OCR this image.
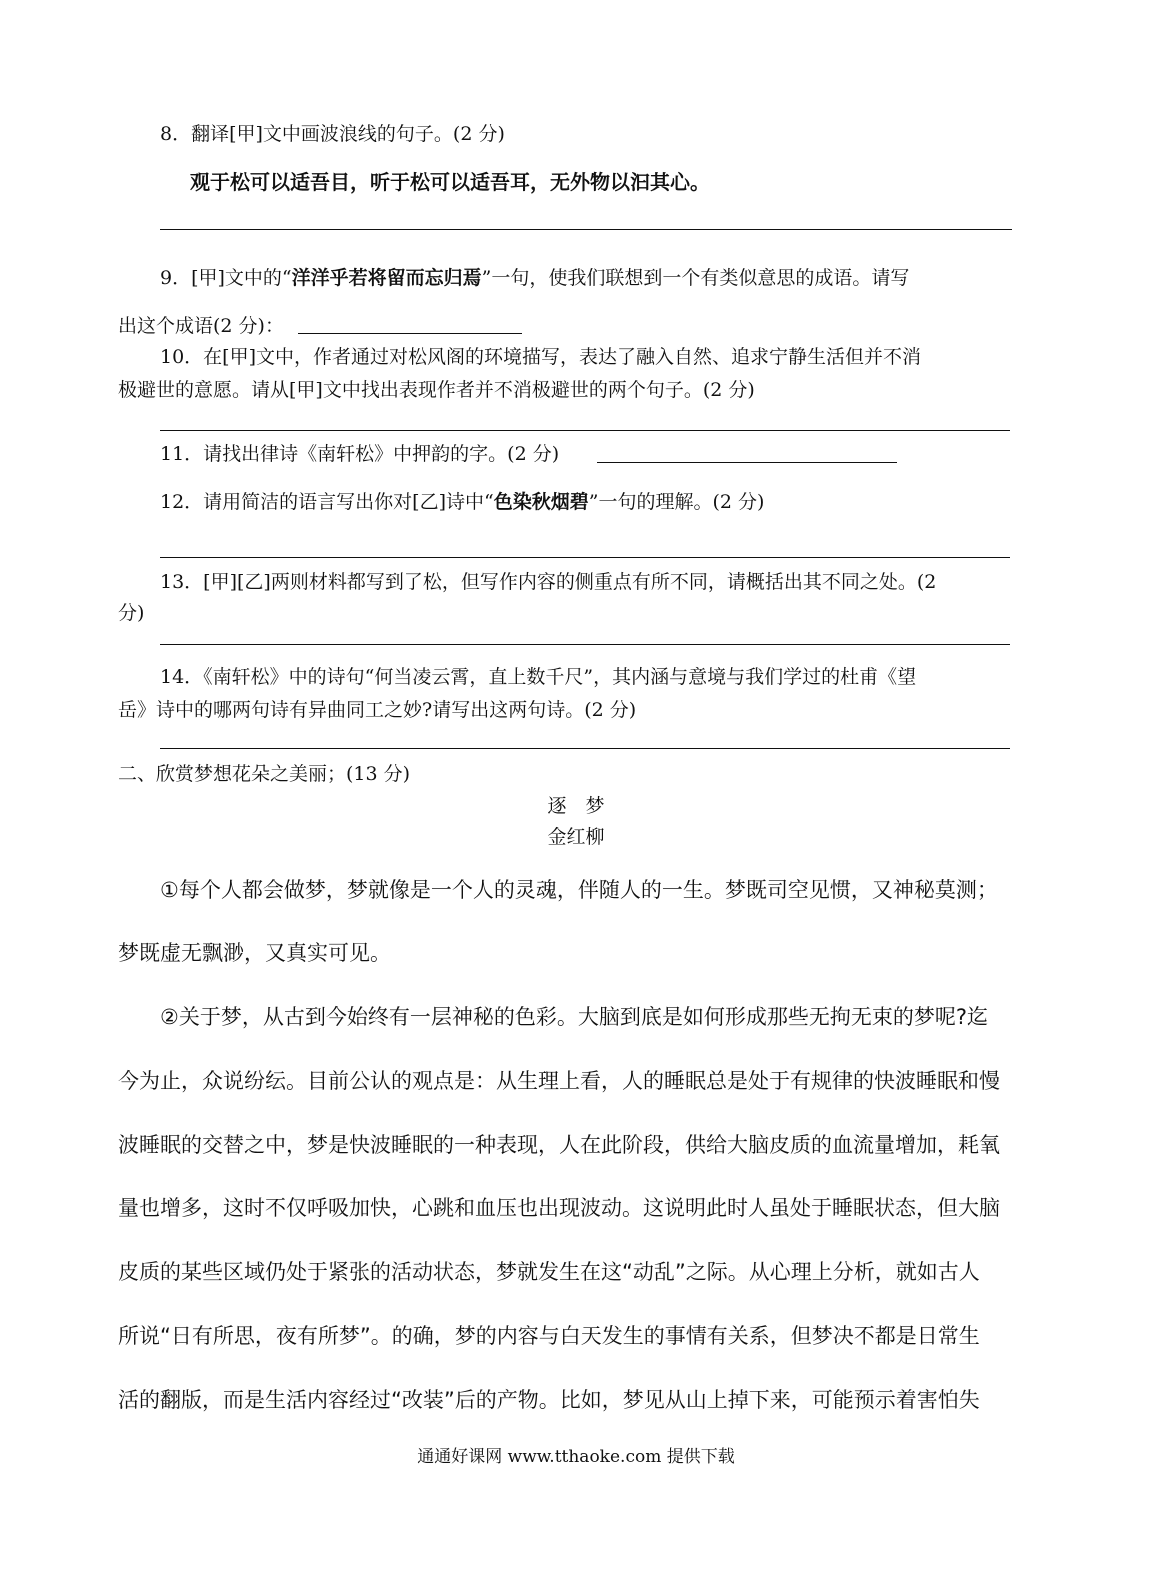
8．翻译[甲]文中画波浪线的句子。(2 分)
观于松可以适吾目，听于松可以适吾耳，无外物以汩其心。
9．[甲]文中的“洋洋乎若将留而忘归焉”一句，使我们联想到一个有类似意思的成语。请写
出这个成语(2 分)：
10．在[甲]文中，作者通过对松风阁的环境描写，表达了融入自然、追求宁静生活但并不消
极避世的意愿。请从[甲]文中找出表现作者并不消极避世的两个句子。(2 分)
11．请找出律诗《南轩松》中押韵的字。(2 分)
12．请用简洁的语言写出你对[乙]诗中“色染秋烟碧”一句的理解。(2 分)
13．[甲][乙]两则材料都写到了松，但写作内容的侧重点有所不同，请概括出其不同之处。(2
分)
14．《南轩松》中的诗句“何当凌云霄，直上数千尺”，其内涵与意境与我们学过的杜甫《望
岳》诗中的哪两句诗有异曲同工之妙?请写出这两句诗。(2 分)
二、欣赏梦想花朵之美丽；(13 分)
逐　梦
金红柳
①每个人都会做梦，梦就像是一个人的灵魂，伴随人的一生。梦既司空见惯，又神秘莫测；
梦既虚无飘渺，又真实可见。
②关于梦，从古到今始终有一层神秘的色彩。大脑到底是如何形成那些无拘无束的梦呢?迄
今为止，众说纷纭。目前公认的观点是：从生理上看，人的睡眠总是处于有规律的快波睡眠和慢
波睡眠的交替之中，梦是快波睡眠的一种表现，人在此阶段，供给大脑皮质的血流量增加，耗氧
量也增多，这时不仅呼吸加快，心跳和血压也出现波动。这说明此时人虽处于睡眠状态，但大脑
皮质的某些区域仍处于紧张的活动状态，梦就发生在这“动乱”之际。从心理上分析，就如古人
所说“日有所思，夜有所梦”。的确，梦的内容与白天发生的事情有关系，但梦决不都是日常生
活的翻版，而是生活内容经过“改装”后的产物。比如，梦见从山上掉下来，可能预示着害怕失
通通好课网 www.tthaoke.com 提供下载
